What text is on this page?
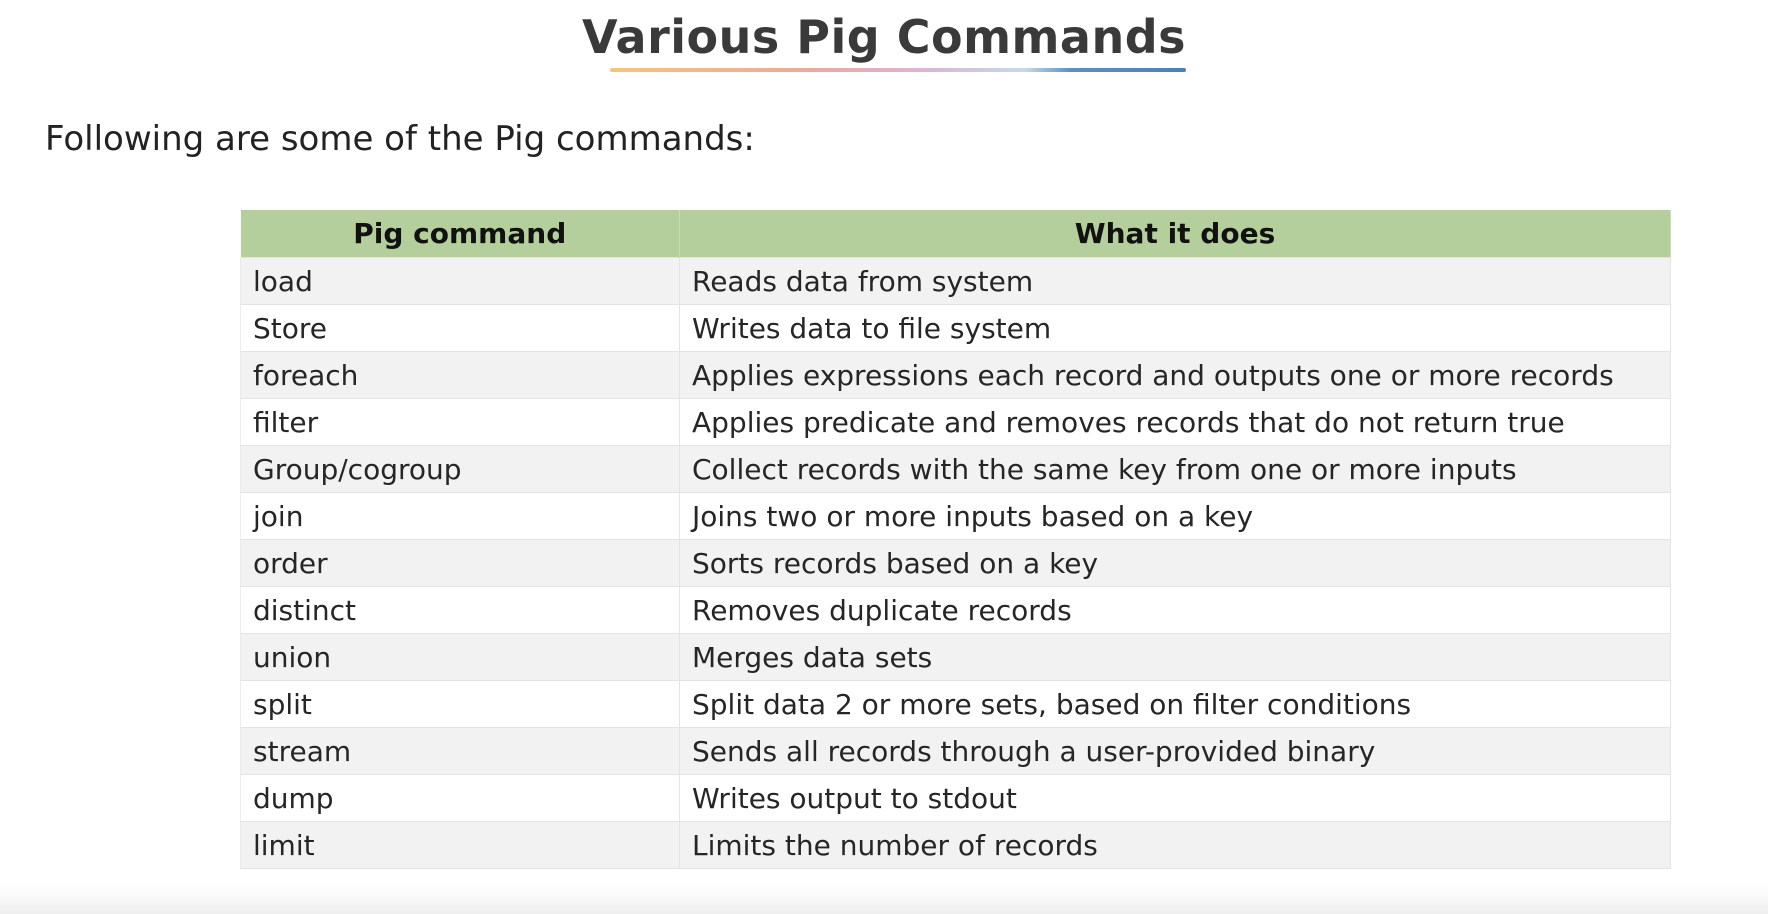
Various Pig Commands
Following are some of the Pig commands:
Pig command	What it does
load	Reads data from system
Store	Writes data to file system
foreach	Applies expressions each record and outputs one or more records
filter	Applies predicate and removes records that do not return true
Group/cogroup	Collect records with the same key from one or more inputs
join	Joins two or more inputs based on a key
order	Sorts records based on a key
distinct	Removes duplicate records
union	Merges data sets
split	Split data 2 or more sets, based on filter conditions
stream	Sends all records through a user-provided binary
dump	Writes output to stdout
limit	Limits the number of records
